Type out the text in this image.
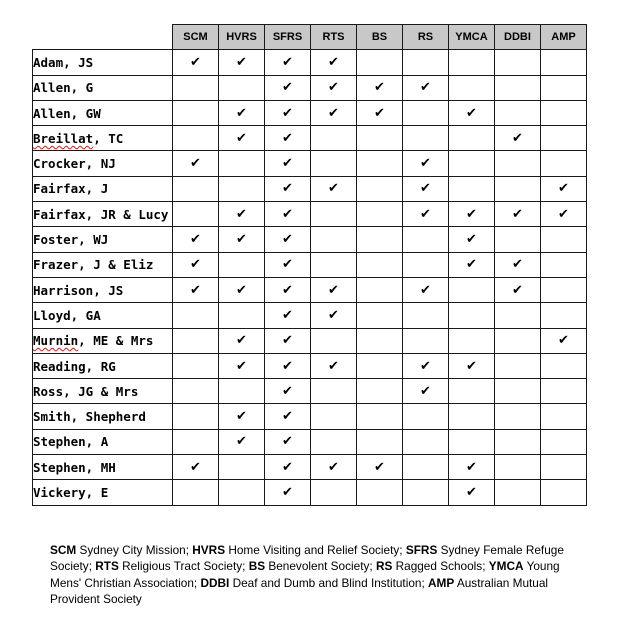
	SCM	HVRS	SFRS	RTS	BS	RS	YMCA	DDBI	AMP
Adam, JS	✔	✔	✔	✔					
Allen, G			✔	✔	✔	✔			
Allen, GW		✔	✔	✔	✔		✔		
Breillat, TC		✔	✔					✔	
Crocker, NJ	✔		✔			✔			
Fairfax, J			✔	✔		✔			✔
Fairfax, JR & Lucy		✔	✔			✔	✔	✔	✔
Foster, WJ	✔	✔	✔				✔		
Frazer, J & Eliz	✔		✔				✔	✔	
Harrison, JS	✔	✔	✔	✔		✔		✔	
Lloyd, GA			✔	✔					
Murnin, ME & Mrs		✔	✔						✔
Reading, RG		✔	✔	✔		✔	✔		
Ross, JG & Mrs			✔			✔			
Smith, Shepherd		✔	✔						
Stephen, A		✔	✔						
Stephen, MH	✔		✔	✔	✔		✔		
Vickery, E			✔				✔		
SCM Sydney City Mission; HVRS Home Visiting and Relief Society; SFRS Sydney Female Refuge Society; RTS Religious Tract Society; BS Benevolent Society; RS Ragged Schools; YMCA Young Mens' Christian Association; DDBI Deaf and Dumb and Blind Institution; AMP Australian Mutual Provident Society
